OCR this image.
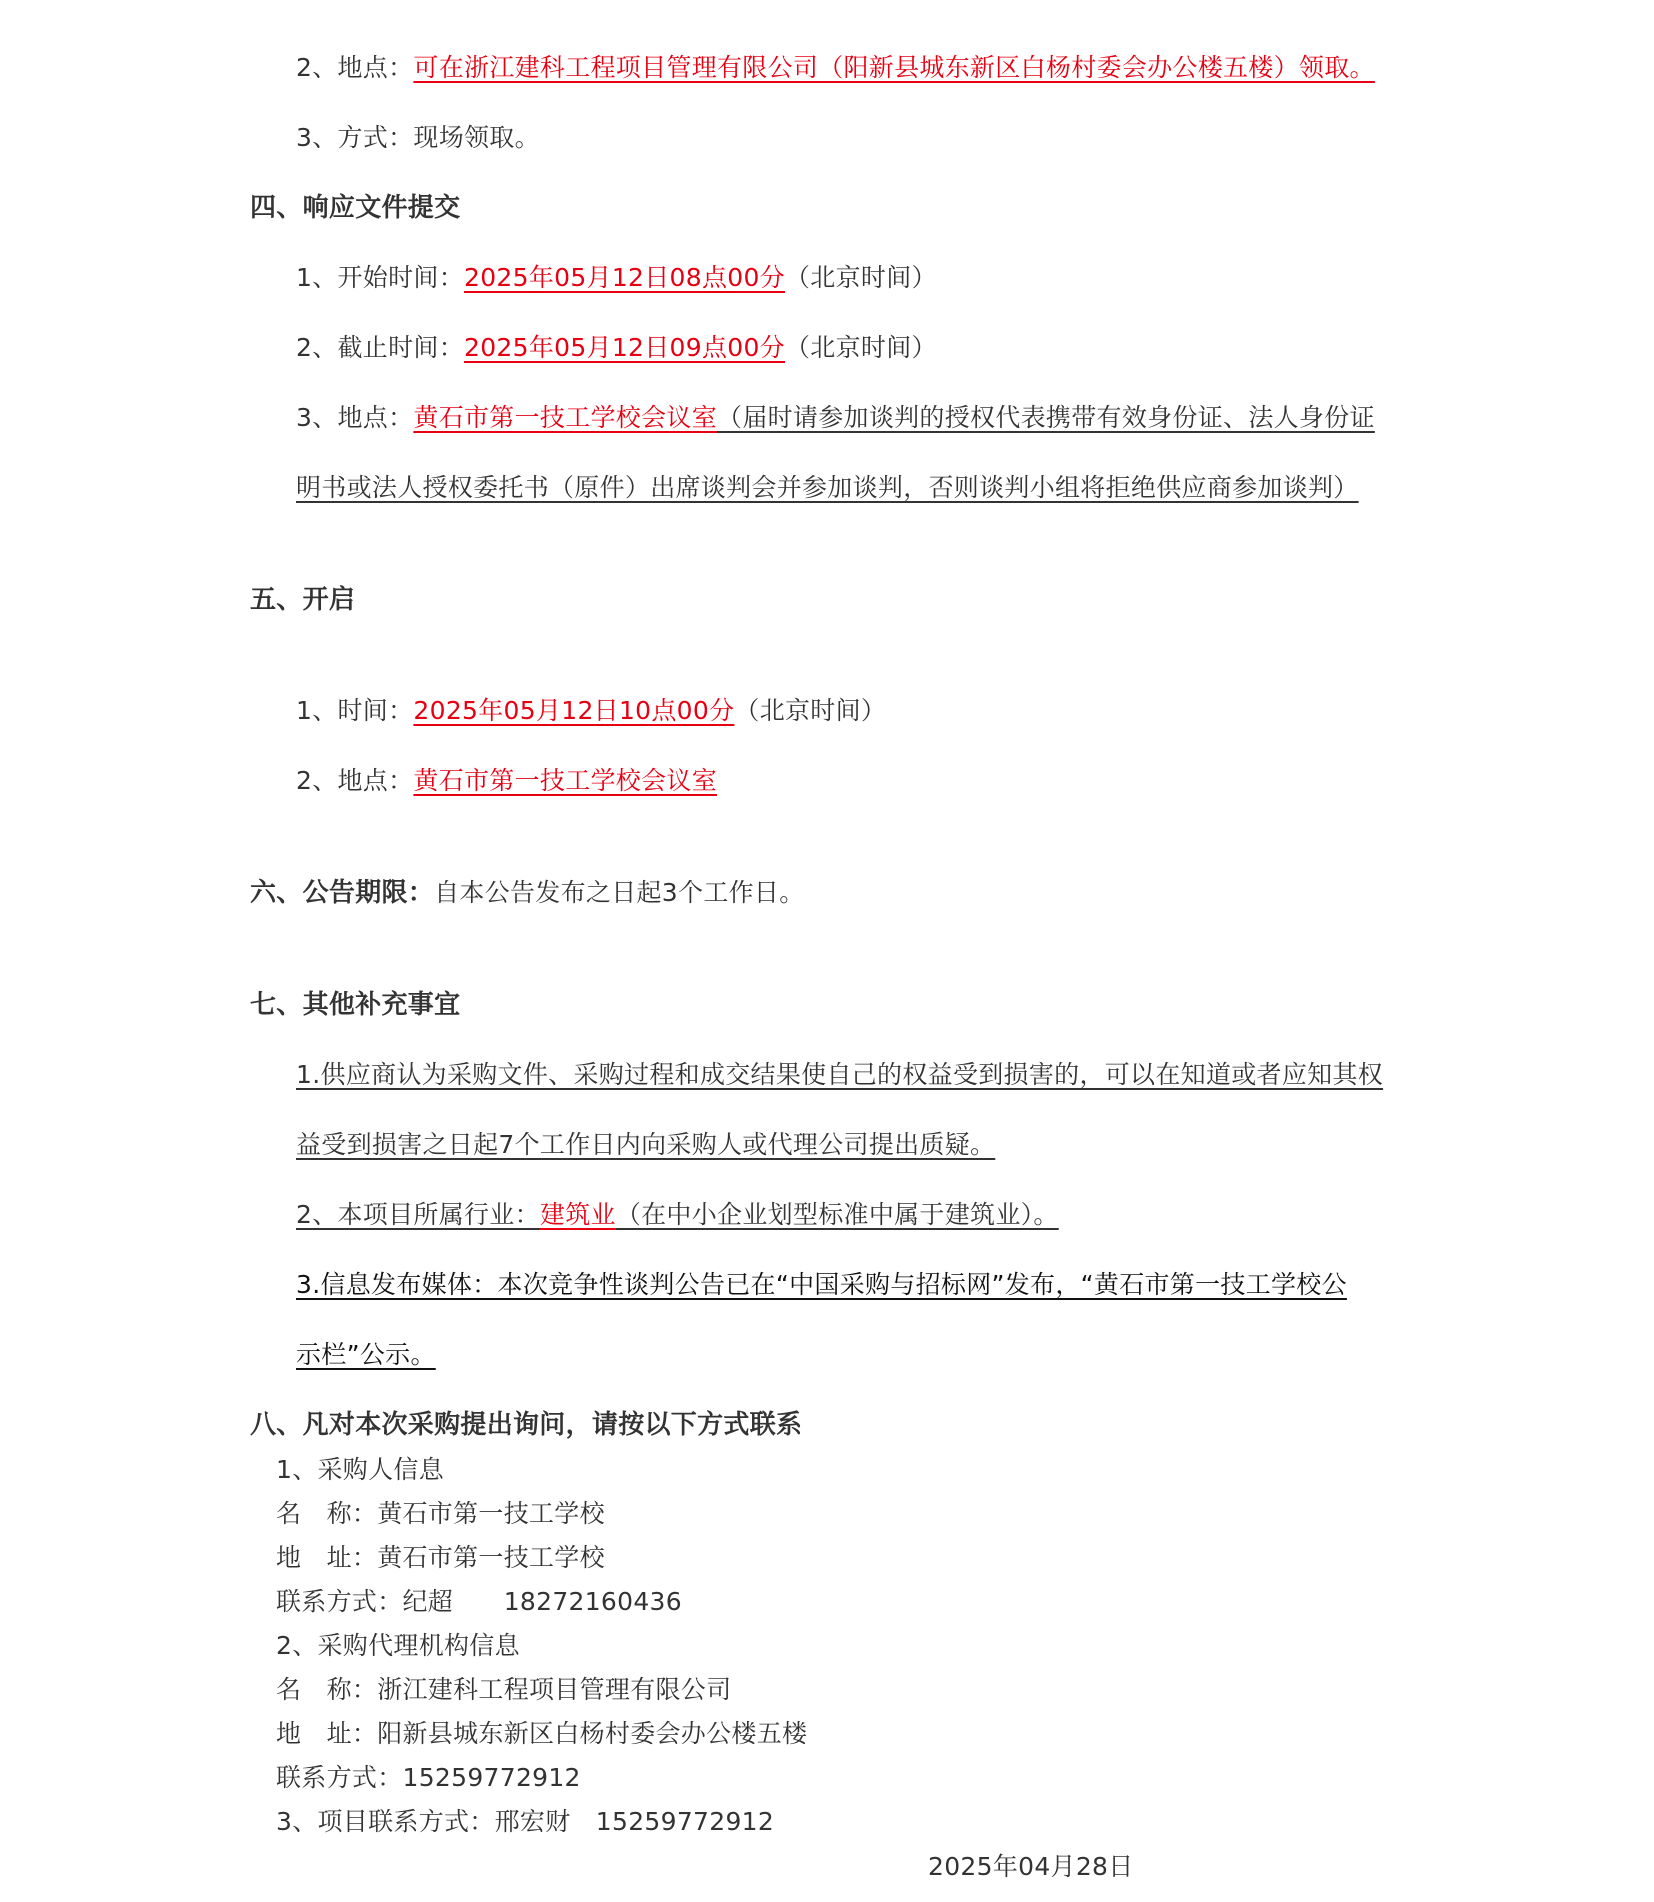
2、地点：可在浙江建科工程项目管理有限公司（阳新县城东新区白杨村委会办公楼五楼）领取。
3、方式：现场领取。
四、响应文件提交
1、开始时间：2025年05月12日08点00分（北京时间）
2、截止时间：2025年05月12日09点00分（北京时间）
3、地点：黄石市第一技工学校会议室（届时请参加谈判的授权代表携带有效身份证、法人身份证
明书或法人授权委托书（原件）出席谈判会并参加谈判，否则谈判小组将拒绝供应商参加谈判）
五、开启
1、时间：2025年05月12日10点00分（北京时间）
2、地点：黄石市第一技工学校会议室
六、公告期限：自本公告发布之日起3个工作日。
七、其他补充事宜
1.供应商认为采购文件、采购过程和成交结果使自己的权益受到损害的，可以在知道或者应知其权
益受到损害之日起7个工作日内向采购人或代理公司提出质疑。
2、本项目所属行业：建筑业（在中小企业划型标准中属于建筑业）。
3.信息发布媒体：本次竞争性谈判公告已在“中国采购与招标网”发布，“黄石市第一技工学校公
示栏”公示。
八、凡对本次采购提出询问，请按以下方式联系
1、采购人信息
名　称：黄石市第一技工学校
地　址：黄石市第一技工学校
联系方式：纪超　　18272160436
2、采购代理机构信息
名　称：浙江建科工程项目管理有限公司
地　址：阳新县城东新区白杨村委会办公楼五楼
联系方式：15259772912
3、项目联系方式：邢宏财　15259772912
2025年04月28日
